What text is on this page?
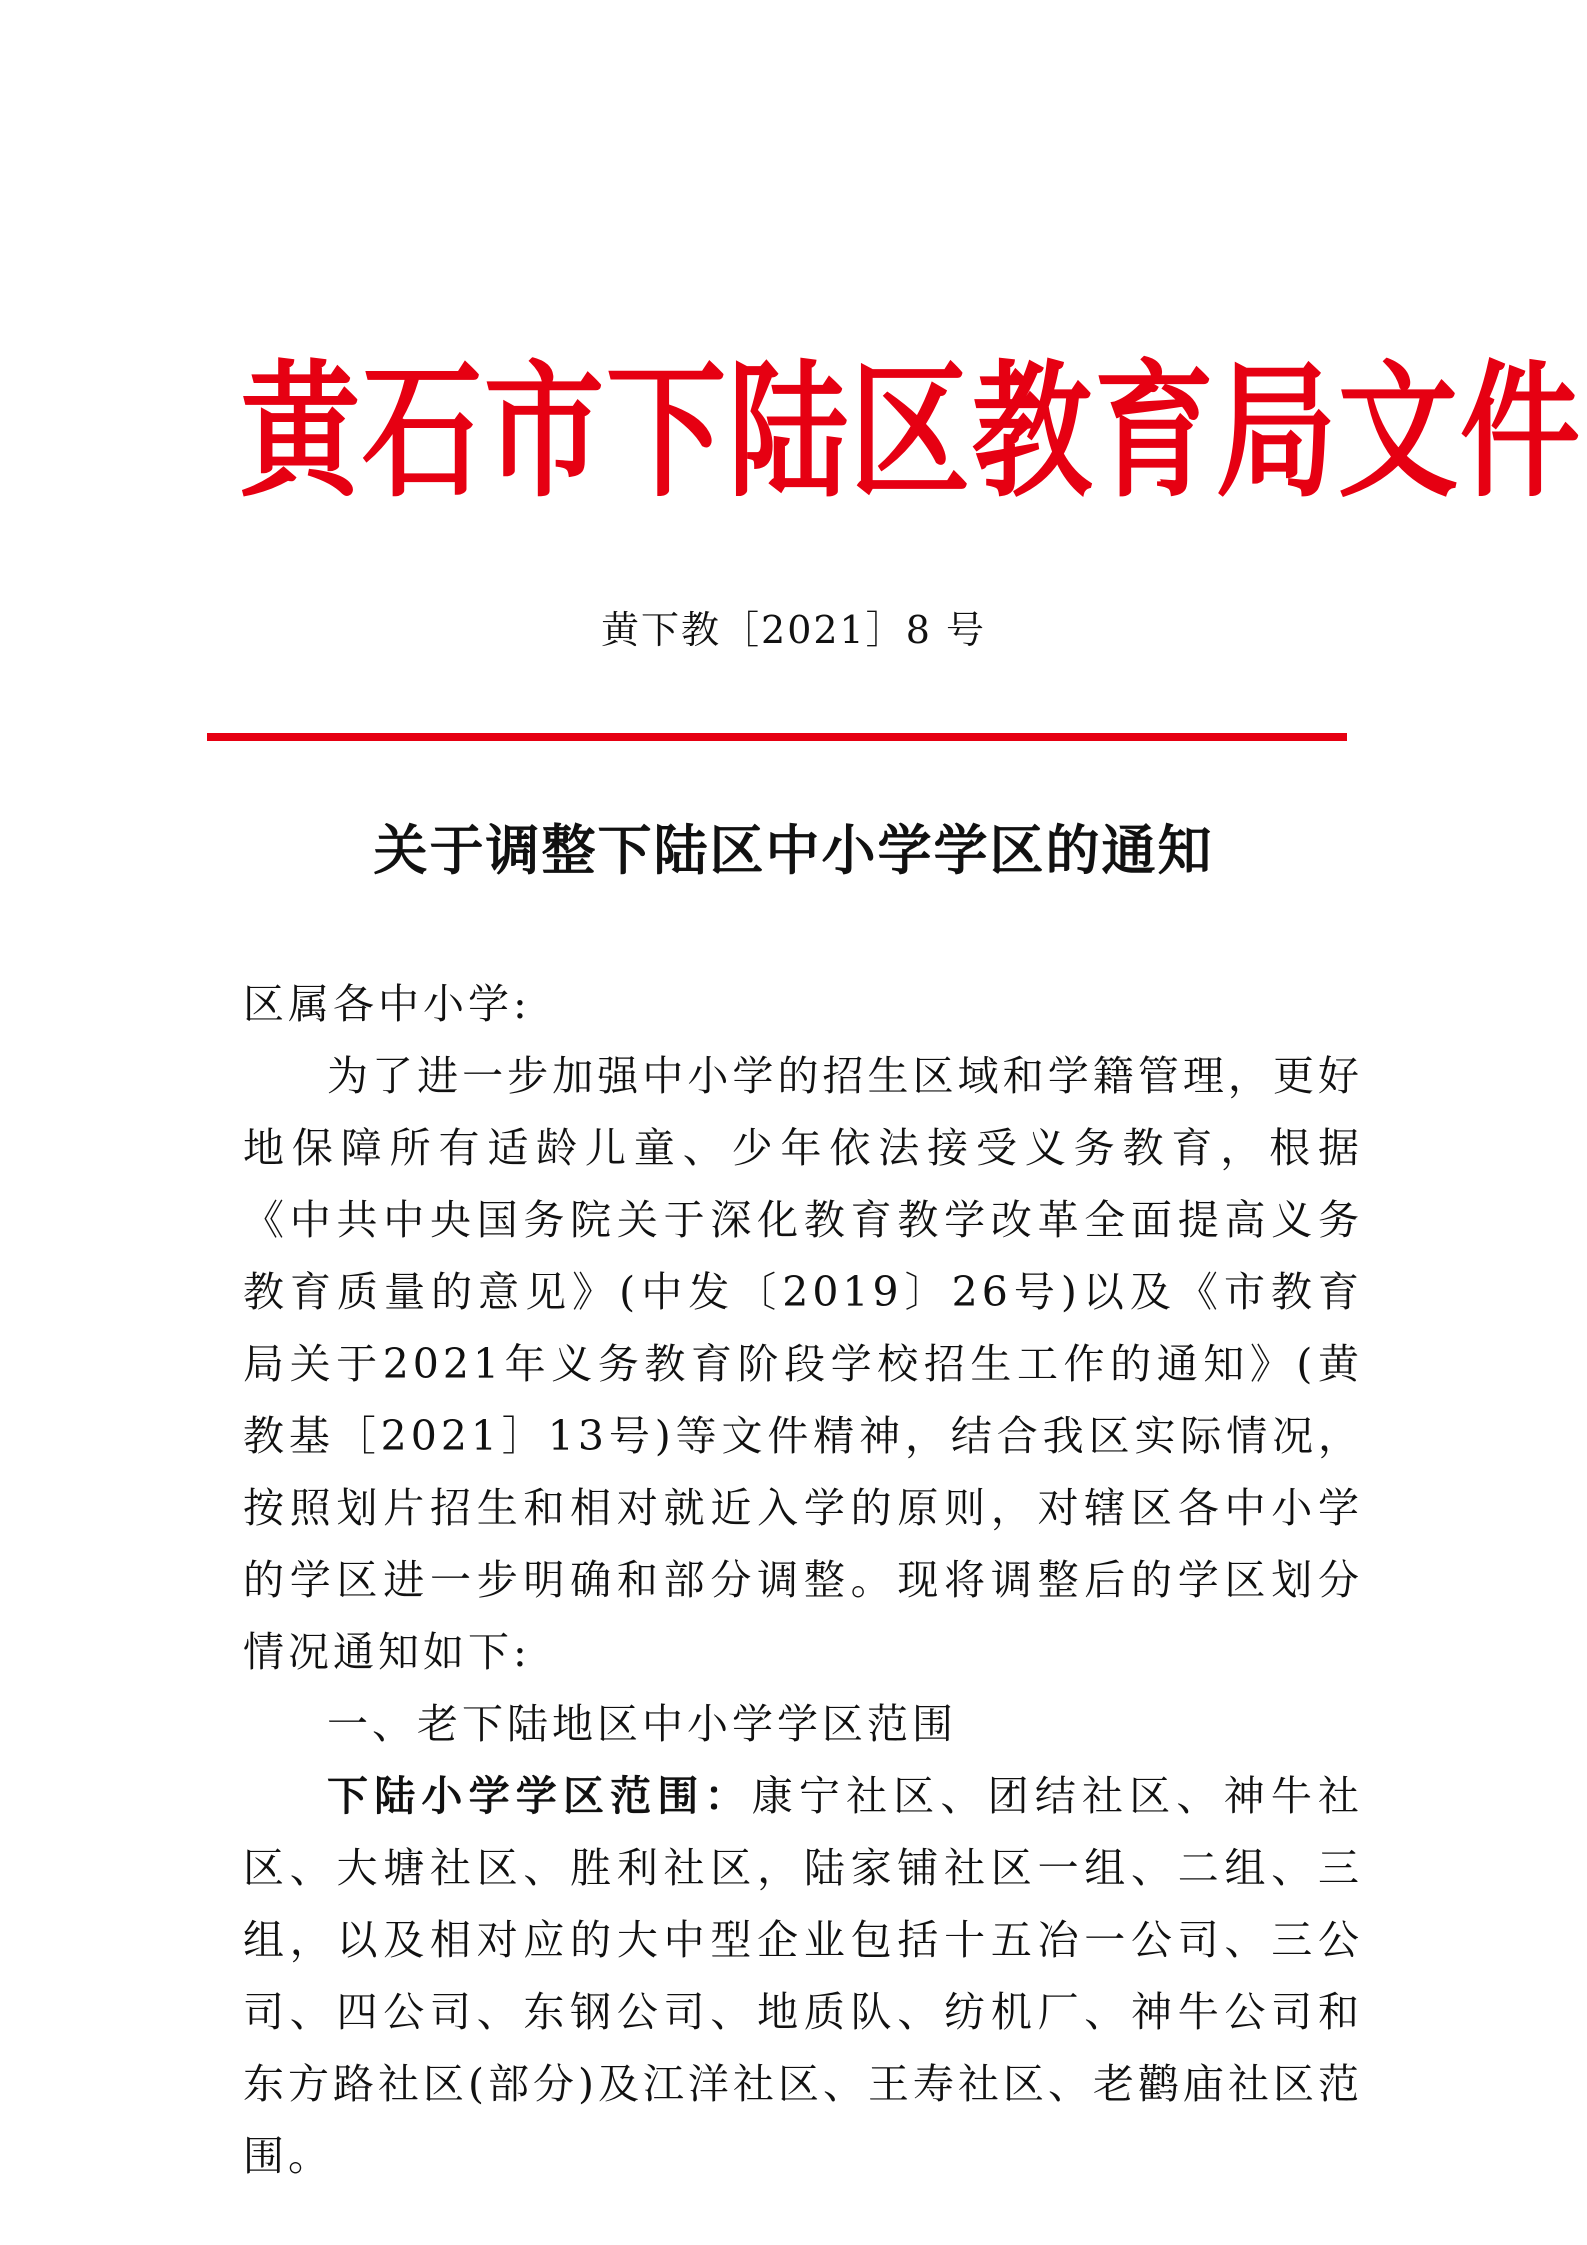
黄石市下陆区教育局文件
黄下教［2021］8 号
关于调整下陆区中小学学区的通知

区属各中小学:

为了进一步加强中小学的招生区域和学籍管理，更好地保障所有适龄儿童、少年依法接受义务教育，根据《中共中央国务院关于深化教育教学改革全面提高义务教育质量的意见》(中发〔2019〕26号)以及《市教育局关于2021年义务教育阶段学校招生工作的通知》(黄教基［2021］13号)等文件精神，结合我区实际情况，按照划片招生和相对就近入学的原则，对辖区各中小学的学区进一步明确和部分调整。现将调整后的学区划分情况通知如下:

一、老下陆地区中小学学区范围

下陆小学学区范围：康宁社区、团结社区、神牛社区、大塘社区、胜利社区，陆家铺社区一组、二组、三组，以及相对应的大中型企业包括十五冶一公司、三公司、四公司、东钢公司、地质队、纺机厂、神牛公司和东方路社区(部分)及江洋社区、王寿社区、老鹳庙社区范围。
